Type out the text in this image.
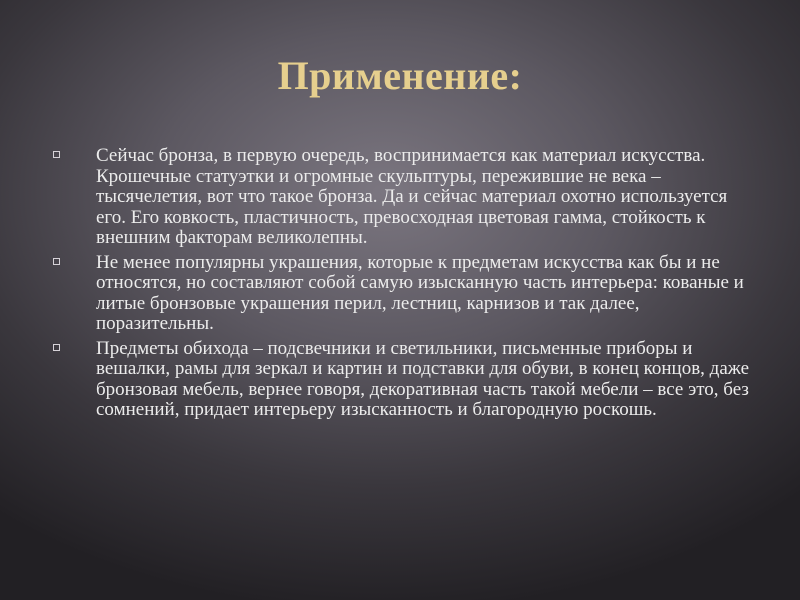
Применение:
Сейчас бронза, в первую очередь, воспринимается как материал искусства. Крошечные статуэтки и огромные скульптуры, пережившие не века – тысячелетия, вот что такое бронза. Да и сейчас материал охотно используется его. Его ковкость, пластичность, превосходная цветовая гамма, стойкость к внешним факторам великолепны.
Не менее популярны украшения, которые к предметам искусства как бы и не относятся, но составляют собой самую изысканную часть интерьера: кованые и литые бронзовые украшения перил, лестниц, карнизов и так далее, поразительны.
Предметы обихода – подсвечники и светильники, письменные приборы и вешалки, рамы для зеркал и картин и подставки для обуви, в конец концов, даже бронзовая мебель, вернее говоря, декоративная часть такой мебели – все это, без сомнений, придает интерьеру изысканность и благородную роскошь.
